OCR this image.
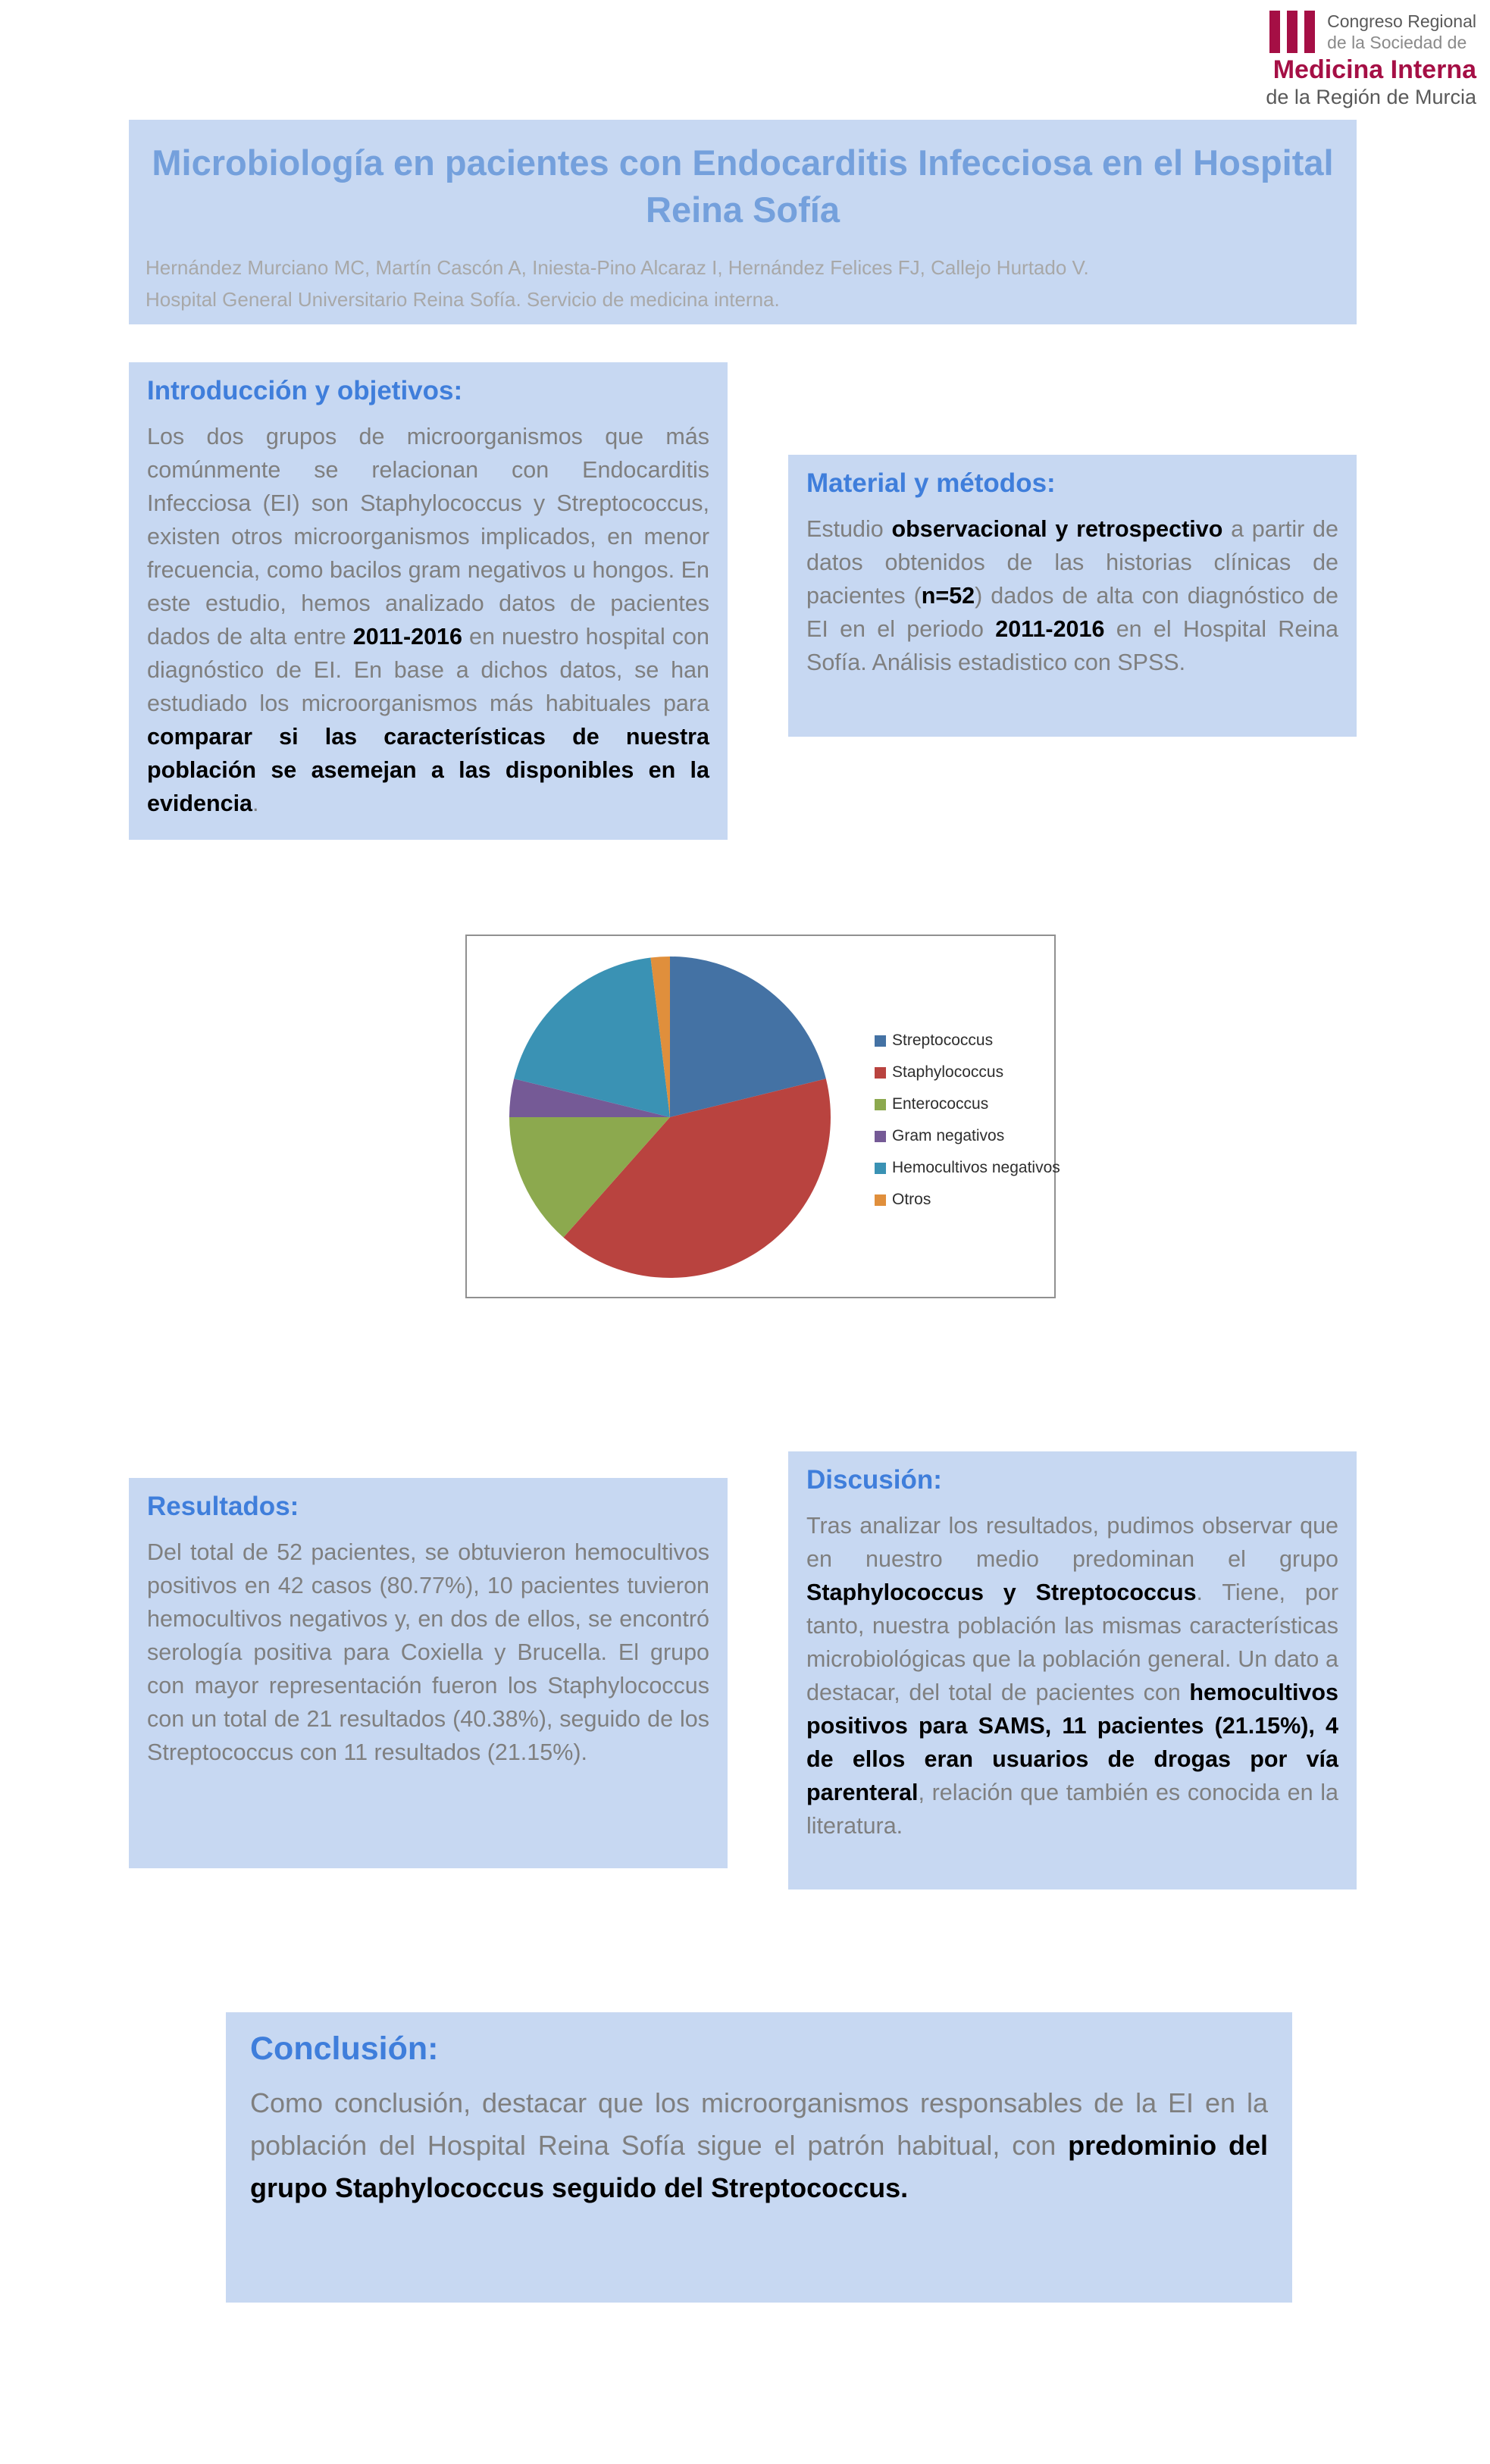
Congreso Regional
de la Sociedad de
Medicina Interna
de la Región de Murcia
Microbiología en pacientes con Endocarditis Infecciosa en el Hospital Reina Sofía
Hernández Murciano MC, Martín Cascón A, Iniesta-Pino Alcaraz I, Hernández Felices FJ, Callejo Hurtado V.
Hospital General Universitario Reina Sofía. Servicio de medicina interna.
Introducción y objetivos:

Los dos grupos de microorganismos que más comúnmente se relacionan con Endocarditis Infecciosa (EI) son Staphylococcus y Streptococcus, existen otros microorganismos implicados, en menor frecuencia, como bacilos gram negativos u hongos. En este estudio, hemos analizado datos de pacientes dados de alta entre 2011-2016 en nuestro hospital con diagnóstico de EI. En base a dichos datos, se han estudiado los microorganismos más habituales para comparar si las características de nuestra población se asemejan a las disponibles en la evidencia.

Material y métodos:

Estudio observacional y retrospectivo a partir de datos obtenidos de las historias clínicas de pacientes (n=52) dados de alta con diagnóstico de EI en el periodo 2011-2016 en el Hospital Reina Sofía. Análisis estadistico con SPSS.

Streptococcus
Staphylococcus
Enterococcus
Gram negativos
Hemocultivos negativos
Otros
Resultados:

Del total de 52 pacientes, se obtuvieron hemocultivos positivos en 42 casos (80.77%), 10 pacientes tuvieron hemocultivos negativos y, en dos de ellos, se encontró serología positiva para Coxiella y Brucella. El grupo con mayor representación fueron los Staphylococcus con un total de 21 resultados (40.38%), seguido de los Streptococcus con 11 resultados (21.15%).

Discusión:

Tras analizar los resultados, pudimos observar que en nuestro medio predominan el grupo Staphylococcus y Streptococcus. Tiene, por tanto, nuestra población las mismas características microbiológicas que la población general. Un dato a destacar, del total de pacientes con hemocultivos positivos para SAMS, 11 pacientes (21.15%), 4 de ellos eran usuarios de drogas por vía parenteral, relación que también es conocida en la literatura.

Conclusión:

Como conclusión, destacar que los microorganismos responsables de la EI en la población del Hospital Reina Sofía sigue el patrón habitual, con predominio del grupo Staphylococcus seguido del Streptococcus.
